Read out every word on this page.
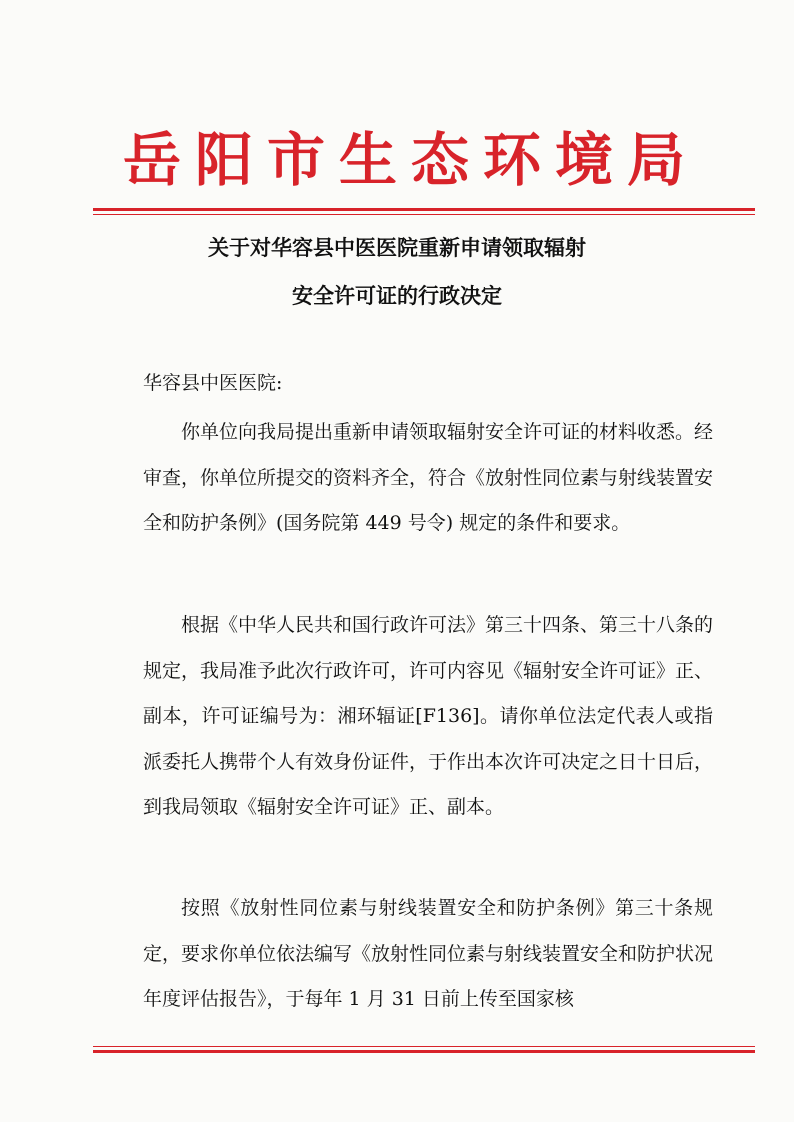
岳阳市生态环境局
关于对华容县中医医院重新申请领取辐射
安全许可证的行政决定
华容县中医医院:

你单位向我局提出重新申请领取辐射安全许可证的材料收悉。经审查，你单位所提交的资料齐全，符合《放射性同位素与射线装置安全和防护条例》(国务院第 449 号令) 规定的条件和要求。

根据《中华人民共和国行政许可法》第三十四条、第三十八条的规定，我局准予此次行政许可，许可内容见《辐射安全许可证》正、副本，许可证编号为：湘环辐证[F136]。请你单位法定代表人或指派委托人携带个人有效身份证件，于作出本次许可决定之日十日后，到我局领取《辐射安全许可证》正、副本。

按照《放射性同位素与射线装置安全和防护条例》第三十条规定，要求你单位依法编写《放射性同位素与射线装置安全和防护状况年度评估报告》，于每年 1 月 31 日前上传至国家核
